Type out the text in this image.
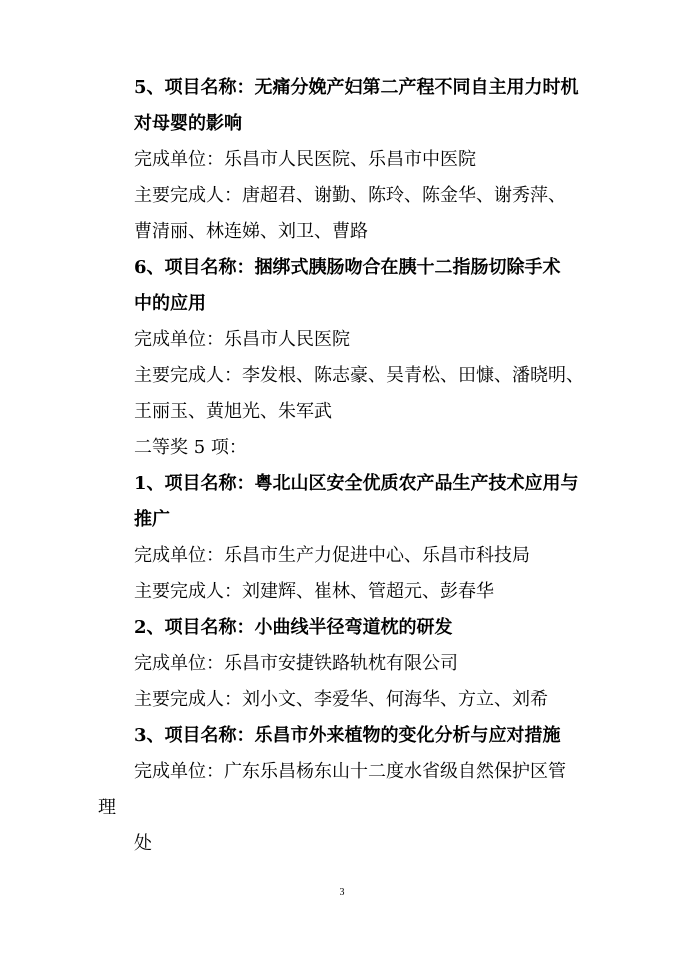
5、项目名称：无痛分娩产妇第二产程不同自主用力时机
对母婴的影响
完成单位：乐昌市人民医院、乐昌市中医院
主要完成人：唐超君、谢勤、陈玲、陈金华、谢秀萍、
曹清丽、林连娣、刘卫、曹路
6、项目名称：捆绑式胰肠吻合在胰十二指肠切除手术
中的应用
完成单位：乐昌市人民医院
主要完成人：李发根、陈志豪、吴青松、田慷、潘晓明、
王丽玉、黄旭光、朱军武
二等奖 5 项：
1、项目名称：粤北山区安全优质农产品生产技术应用与
推广
完成单位：乐昌市生产力促进中心、乐昌市科技局
主要完成人：刘建辉、崔林、管超元、彭春华
2、项目名称：小曲线半径弯道枕的研发
完成单位：乐昌市安捷铁路轨枕有限公司
主要完成人：刘小文、李爱华、何海华、方立、刘希
3、项目名称：乐昌市外来植物的变化分析与应对措施
完成单位：广东乐昌杨东山十二度水省级自然保护区管
理
处
3
